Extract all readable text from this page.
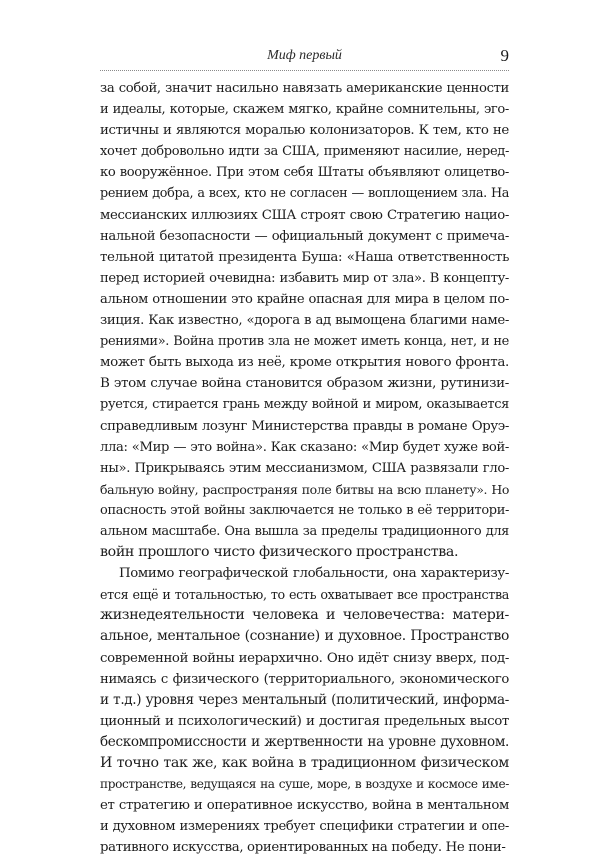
Миф первый	9
за собой, значит насильно навязать американские ценности
и идеалы, которые, скажем мягко, крайне сомнительны, эго-
истичны и являются моралью колонизаторов. К тем, кто не
хочет добровольно идти за США, применяют насилие, неред-
ко вооружённое. При этом себя Штаты объявляют олицетво-
рением добра, а всех, кто не согласен — воплощением зла. На
мессианских иллюзиях США строят свою Стратегию нацио-
нальной безопасности — официальный документ с примеча-
тельной цитатой президента Буша: «Наша ответственность
перед историей очевидна: избавить мир от зла». В концепту-
альном отношении это крайне опасная для мира в целом по-
зиция. Как известно, «дорога в ад вымощена благими наме-
рениями». Война против зла не может иметь конца, нет, и не
может быть выхода из неё, кроме открытия нового фронта.
В этом случае война становится образом жизни, рутинизи-
руется, стирается грань между войной и миром, оказывается
справедливым лозунг Министерства правды в романе Оруэ-
лла: «Мир — это война». Как сказано: «Мир будет хуже вой-
ны». Прикрываясь этим мессианизмом, США развязали гло-
бальную войну, распространяя поле битвы на всю планету». Но
опасность этой войны заключается не только в её территори-
альном масштабе. Она вышла за пределы традиционного для
войн прошлого чисто физического пространства.
Помимо географической глобальности, она характеризу-
ется ещё и тотальностью, то есть охватывает все пространства
жизнедеятельности человека и человечества: матери-
альное, ментальное (сознание) и духовное. Пространство
современной войны иерархично. Оно идёт снизу вверх, под-
нимаясь с физического (территориального, экономического
и т.д.) уровня через ментальный (политический, информа-
ционный и психологический) и достигая предельных высот
бескомпромиссности и жертвенности на уровне духовном.
И точно так же, как война в традиционном физическом
пространстве, ведущаяся на суше, море, в воздухе и космосе име-
ет стратегию и оперативное искусство, война в ментальном
и духовном измерениях требует специфики стратегии и опе-
ративного искусства, ориентированных на победу. Не пони-
